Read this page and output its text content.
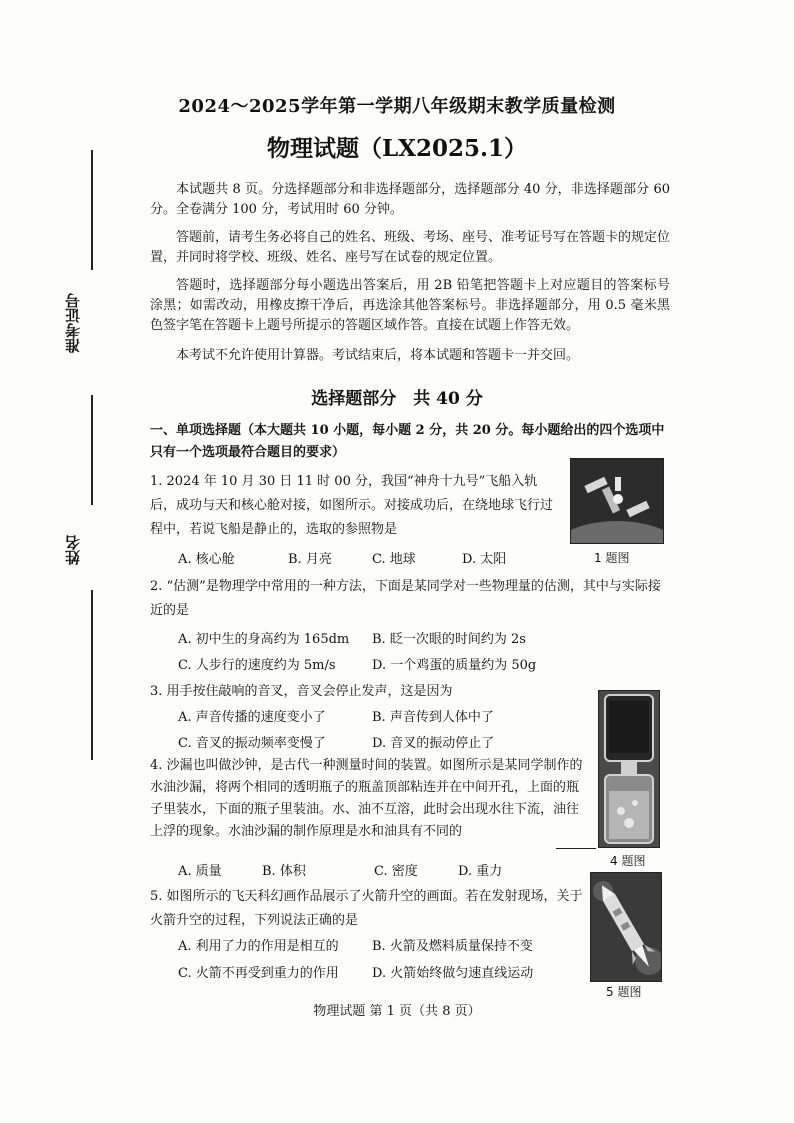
准考证号
姓名
2024～2025学年第一学期八年级期末教学质量检测
物理试题（LX2025.1）
本试题共 8 页。分选择题部分和非选择题部分，选择题部分 40 分，非选择题部分 60 分。全卷满分 100 分，考试用时 60 分钟。
答题前，请考生务必将自己的姓名、班级、考场、座号、准考证号写在答题卡的规定位置，并同时将学校、班级、姓名、座号写在试卷的规定位置。
答题时，选择题部分每小题选出答案后，用 2B 铅笔把答题卡上对应题目的答案标号涂黑；如需改动，用橡皮擦干净后，再选涂其他答案标号。非选择题部分，用 0.5 毫米黑色签字笔在答题卡上题号所提示的答题区域作答。直接在试题上作答无效。
本考试不允许使用计算器。考试结束后，将本试题和答题卡一并交回。
选择题部分　共 40 分
一、单项选择题（本大题共 10 小题，每小题 2 分，共 20 分。每小题给出的四个选项中只有一个选项最符合题目的要求）
1. 2024 年 10 月 30 日 11 时 00 分，我国“神舟十九号”飞船入轨后，成功与天和核心舱对接，如图所示。对接成功后，在绕地球飞行过程中，若说飞船是静止的，选取的参照物是
A. 核心舱	B. 月亮	C. 地球	D. 太阳	1 题图
2. “估测”是物理学中常用的一种方法，下面是某同学对一些物理量的估测，其中与实际接近的是
A. 初中生的身高约为 165dm B. 眨一次眼的时间约为 2s
C. 人步行的速度约为 5m/s	D. 一个鸡蛋的质量约为 50g
3. 用手按住敲响的音叉，音叉会停止发声，这是因为
A. 声音传播的速度变小了	B. 声音传到人体中了
C. 音叉的振动频率变慢了	D. 音叉的振动停止了
4. 沙漏也叫做沙钟，是古代一种测量时间的装置。如图所示是某同学制作的水油沙漏，将两个相同的透明瓶子的瓶盖顶部粘连并在中间开孔，上面的瓶子里装水，下面的瓶子里装油。水、油不互溶，此时会出现水往下流，油往上浮的现象。水油沙漏的制作原理是水和油具有不同的
A. 质量	B. 体积	C. 密度	D. 重力
4 题图
5. 如图所示的飞天科幻画作品展示了火箭升空的画面。若在发射现场，关于火箭升空的过程，下列说法正确的是
A. 利用了力的作用是相互的	B. 火箭及燃料质量保持不变
C. 火箭不再受到重力的作用	D. 火箭始终做匀速直线运动
5 题图
物理试题 第 1 页（共 8 页）
